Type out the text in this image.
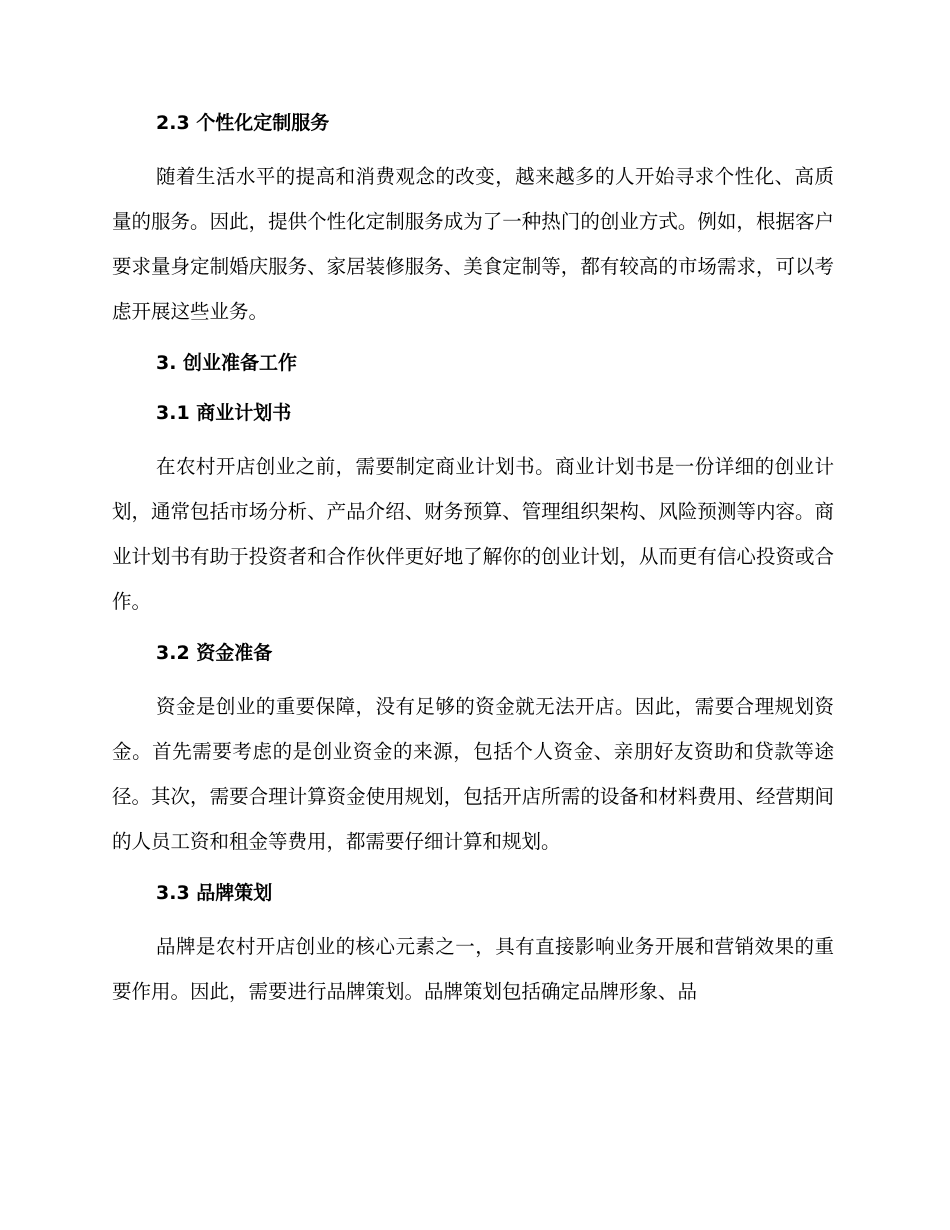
2.3 个性化定制服务

随着生活水平的提高和消费观念的改变，越来越多的人开始寻求个性化、高质量的服务。因此，提供个性化定制服务成为了一种热门的创业方式。例如，根据客户要求量身定制婚庆服务、家居装修服务、美食定制等，都有较高的市场需求，可以考虑开展这些业务。

3. 创业准备工作
3.1 商业计划书

在农村开店创业之前，需要制定商业计划书。商业计划书是一份详细的创业计划，通常包括市场分析、产品介绍、财务预算、管理组织架构、风险预测等内容。商业计划书有助于投资者和合作伙伴更好地了解你的创业计划，从而更有信心投资或合作。

3.2 资金准备

资金是创业的重要保障，没有足够的资金就无法开店。因此，需要合理规划资金。首先需要考虑的是创业资金的来源，包括个人资金、亲朋好友资助和贷款等途径。其次，需要合理计算资金使用规划，包括开店所需的设备和材料费用、经营期间的人员工资和租金等费用，都需要仔细计算和规划。

3.3 品牌策划

品牌是农村开店创业的核心元素之一，具有直接影响业务开展和营销效果的重要作用。因此，需要进行品牌策划。品牌策划包括确定品牌形象、品
